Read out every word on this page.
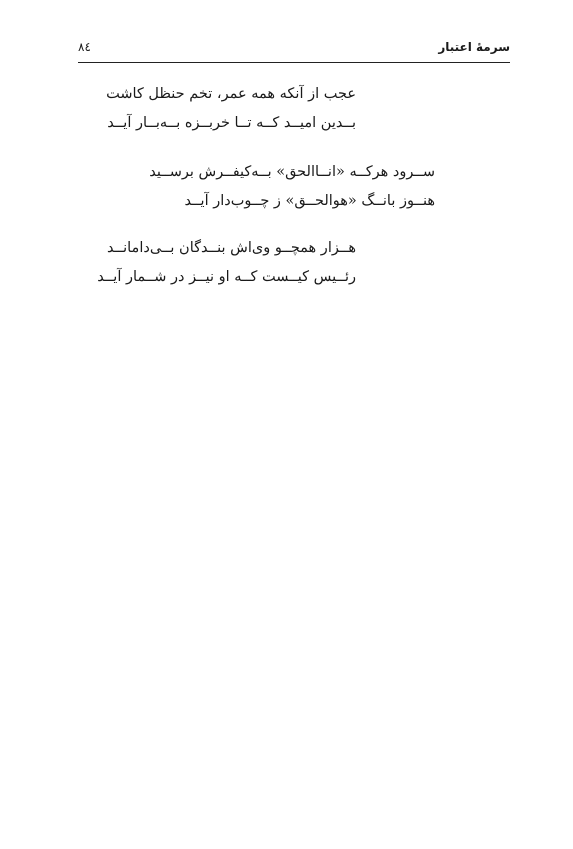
سرمهٔ اعتبار
۸٤
عجب از آنکه همه عمر، تخم حنظل کاشت
بــدین امیــد کــه تــا خربــزه بــه‌بــار آیــد
ســرود هرکــه «انــاالحق» بــه‌کیفــرش برســید
هنــوز بانــگ «هوالحــق» ز چــوب‌دار آیــد
هــزار همچــو وی‌اش بنــدگان بــی‌دامانــد
رئــیس کیــست کــه او نیــز در شــمار آیــد
